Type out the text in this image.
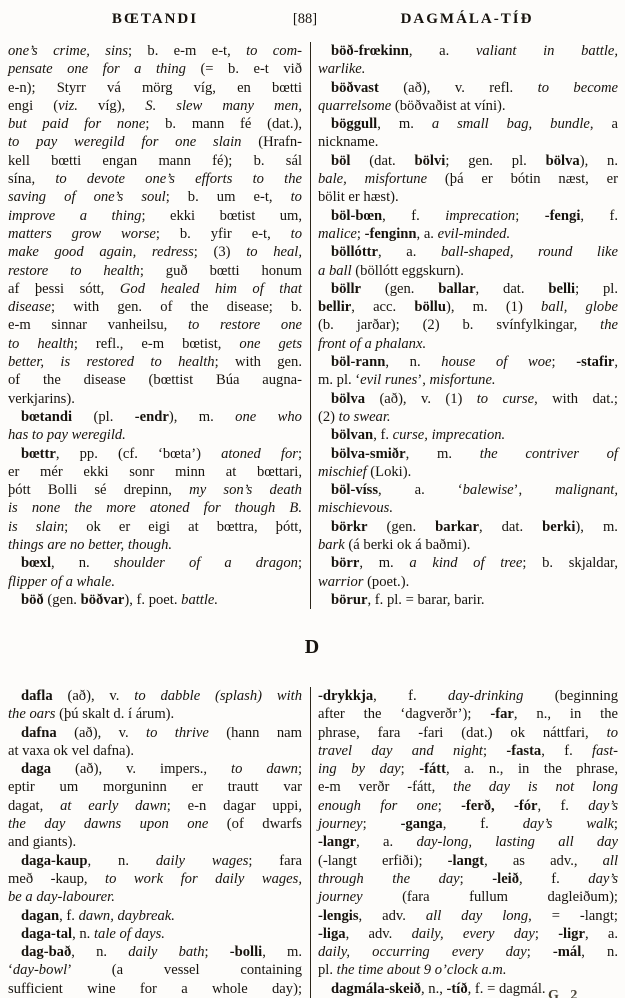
BŒTANDI	[88]	DAGMÁLA-TÍÐ
one’s crime, sins; b. e-m e-t, to com-
pensate one for a thing (= b. e-t við
e-n); Styrr vá mörg víg, en bœtti
engi (viz. víg), S. slew many men,
but paid for none; b. mann fé (dat.),
to pay weregild for one slain (Hrafn-
kell bœtti engan mann fé); b. sál
sína, to devote one’s efforts to the
saving of one’s soul; b. um e-t, to
improve a thing; ekki bœtist um,
matters grow worse; b. yfir e-t, to
make good again, redress; (3) to heal,
restore to health; guð bœtti honum
af þessi sótt, God healed him of that
disease; with gen. of the disease; b.
e-m sinnar vanheilsu, to restore one
to health; refl., e-m bœtist, one gets
better, is restored to health; with gen.
of the disease (bœttist Búa augna-
verkjarins).
bœtandi (pl. -endr), m. one who
has to pay weregild.
bœttr, pp. (cf. ‘bœta’) atoned for;
er mér ekki sonr minn at bœttari,
þótt Bolli sé drepinn, my son’s death
is none the more atoned for though B.
is slain; ok er eigi at bœttra, þótt,
things are no better, though.
bœxl, n. shoulder of a dragon;
flipper of a whale.
böð (gen. böðvar), f. poet. battle.
böð-frœkinn, a. valiant in battle,
warlike.
böðvast (að), v. refl. to become
quarrelsome (böðvaðist at víni).
böggull, m. a small bag, bundle, a
nickname.
böl (dat. bölvi; gen. pl. bölva), n.
bale, misfortune (þá er bótin næst, er
bölit er hæst).
böl-bœn, f. imprecation; -fengi, f.
malice; -fenginn, a. evil-minded.
böllóttr, a. ball-shaped, round like
a ball (böllótt eggskurn).
böllr (gen. ballar, dat. belli; pl.
bellir, acc. böllu), m. (1) ball, globe
(b. jarðar); (2) b. svínfylkingar, the
front of a phalanx.
böl-rann, n. house of woe; -stafir,
m. pl. ‘evil runes’, misfortune.
bölva (að), v. (1) to curse, with dat.;
(2) to swear.
bölvan, f. curse, imprecation.
bölva-smiðr, m. the contriver of
mischief (Loki).
böl-víss, a. ‘balewise’, malignant,
mischievous.
börkr (gen. barkar, dat. berki), m.
bark (á berki ok á baðmi).
börr, m. a kind of tree; b. skjaldar,
warrior (poet.).
börur, f. pl. = barar, barir.
D
dafla (að), v. to dabble (splash) with
the oars (þú skalt d. í árum).
dafna (að), v. to thrive (hann nam
at vaxa ok vel dafna).
daga (að), v. impers., to dawn;
eptir um morguninn er trautt var
dagat, at early dawn; e-n dagar uppi,
the day dawns upon one (of dwarfs
and giants).
daga-kaup, n. daily wages; fara
með -kaup, to work for daily wages,
be a day-labourer.
dagan, f. dawn, daybreak.
daga-tal, n. tale of days.
dag-bað, n. daily bath; -bolli, m.
‘day-bowl’ (a vessel containing
sufficient wine for a whole day);
-drykkja, f. day-drinking (beginning
after the ‘dagverðr’); -far, n., in the
phrase, fara -fari (dat.) ok náttfari, to
travel day and night; -fasta, f. fast-
ing by day; -fátt, a. n., in the phrase,
e-m verðr -fátt, the day is not long
enough for one; -ferð, -fór, f. day’s
journey; -ganga, f. day’s walk;
-langr, a. day-long, lasting all day
(-langt erfiði); -langt, as adv., all
through the day; -leið, f. day’s
journey (fara fullum dagleiðum);
-lengis, adv. all day long, = -langt;
-liga, adv. daily, every day; -ligr, a.
daily, occurring every day; -mál, n.
pl. the time about 9 o’clock a.m.
dagmála-skeið, n., -tíð, f. = dagmál. G 2
